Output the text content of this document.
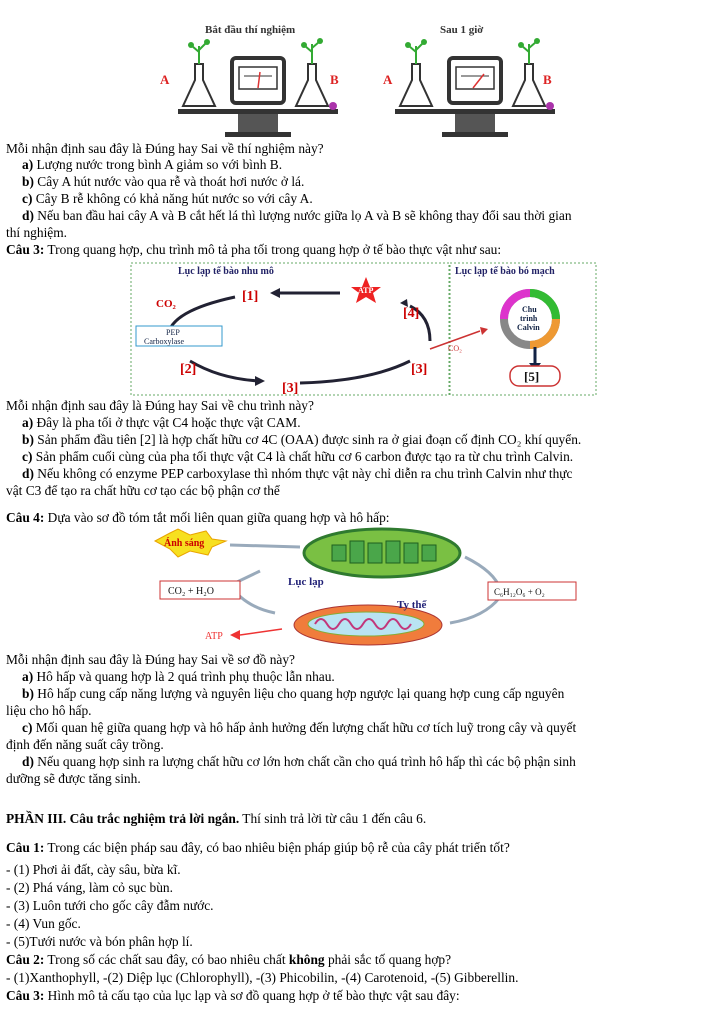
Bắt đầu thí nghiệm	Sau 1 giờ
A	B	A	B
Mỗi nhận định sau đây là Đúng hay Sai về thí nghiệm này?
a) Lượng nước trong bình A giảm so với bình B.
b) Cây A hút nước vào qua rễ và thoát hơi nước ở lá.
c) Cây B rễ không có khả năng hút nước so với cây A.
d) Nếu ban đầu hai cây A và B cắt hết lá thì lượng nước giữa lọ A và B sẽ không thay đổi sau thời gian
thí nghiệm.
Câu 3: Trong quang hợp, chu trình mô tả pha tối trong quang hợp ở tế bào thực vật như sau:
Lục lạp tế bào nhu mô	Lục lạp tế bào bó mạch
ATP
[1]
[4]
[2]
[3]
[3]
CO₂
PEP
Carboxylase
CO₂
Chu
trình
Calvin
[5]
Mỗi nhận định sau đây là Đúng hay Sai về chu trình này?
a) Đây là pha tối ở thực vật C4 hoặc thực vật CAM.
b) Sản phẩm đầu tiên [2] là hợp chất hữu cơ 4C (OAA) được sinh ra ở giai đoạn cố định CO₂ khí quyển.
c) Sản phẩm cuối cùng của pha tối thực vật C4 là chất hữu cơ 6 carbon được tạo ra từ chu trình Calvin.
d) Nếu không có enzyme PEP carboxylase thì nhóm thực vật này chỉ diễn ra chu trình Calvin như thực
vật C3 để tạo ra chất hữu cơ tạo các bộ phận cơ thể
Câu 4: Dựa vào sơ đồ tóm tắt mối liên quan giữa quang hợp và hô hấp:
Ánh sáng
Lục lạp
CO₂ + H₂O	C₆H₁₂O₆ + O₂
Ty thể
ATP
Mỗi nhận định sau đây là Đúng hay Sai về sơ đồ này?
a) Hô hấp và quang hợp là 2 quá trình phụ thuộc lẫn nhau.
b) Hô hấp cung cấp năng lượng và nguyên liệu cho quang hợp ngược lại quang hợp cung cấp nguyên
liệu cho hô hấp.
c) Mối quan hệ giữa quang hợp và hô hấp ảnh hưởng đến lượng chất hữu cơ tích luỹ trong cây và quyết
định đến năng suất cây trồng.
d) Nếu quang hợp sinh ra lượng chất hữu cơ lớn hơn chất cần cho quá trình hô hấp thì các bộ phận sinh
dưỡng sẽ được tăng sinh.
PHẦN III. Câu trắc nghiệm trả lời ngắn. Thí sinh trả lời từ câu 1 đến câu 6.
Câu 1: Trong các biện pháp sau đây, có bao nhiêu biện pháp giúp bộ rễ của cây phát triển tốt?
- (1) Phơi ải đất, cày sâu, bừa kĩ.
- (2) Phá váng, làm cỏ sục bùn.
- (3) Luôn tưới cho gốc cây đẫm nước.
- (4) Vun gốc.
- (5)Tưới nước và bón phân hợp lí.
Câu 2: Trong số các chất sau đây, có bao nhiêu chất không phải sắc tố quang hợp?
- (1)Xanthophyll, -(2) Diệp lục (Chlorophyll), -(3) Phicobilin, -(4) Carotenoid, -(5) Gibberellin.
Câu 3: Hình mô tả cấu tạo của lục lạp và sơ đồ quang hợp ở tế bào thực vật sau đây:
